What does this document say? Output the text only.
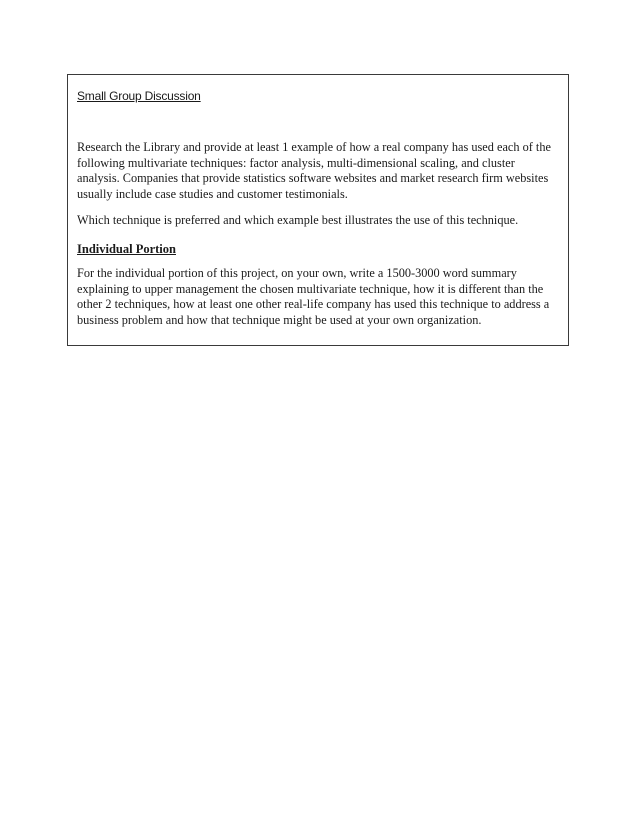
Small Group Discussion

Research the Library and provide at least 1 example of how a real company has used each of the following multivariate techniques: factor analysis, multi-dimensional scaling, and cluster analysis. Companies that provide statistics software websites and market research firm websites usually include case studies and customer testimonials.

Which technique is preferred and which example best illustrates the use of this technique.

Individual Portion

For the individual portion of this project, on your own, write a 1500-3000 word summary explaining to upper management the chosen multivariate technique, how it is different than the other 2 techniques, how at least one other real-life company has used this technique to address a business problem and how that technique might be used at your own organization.
